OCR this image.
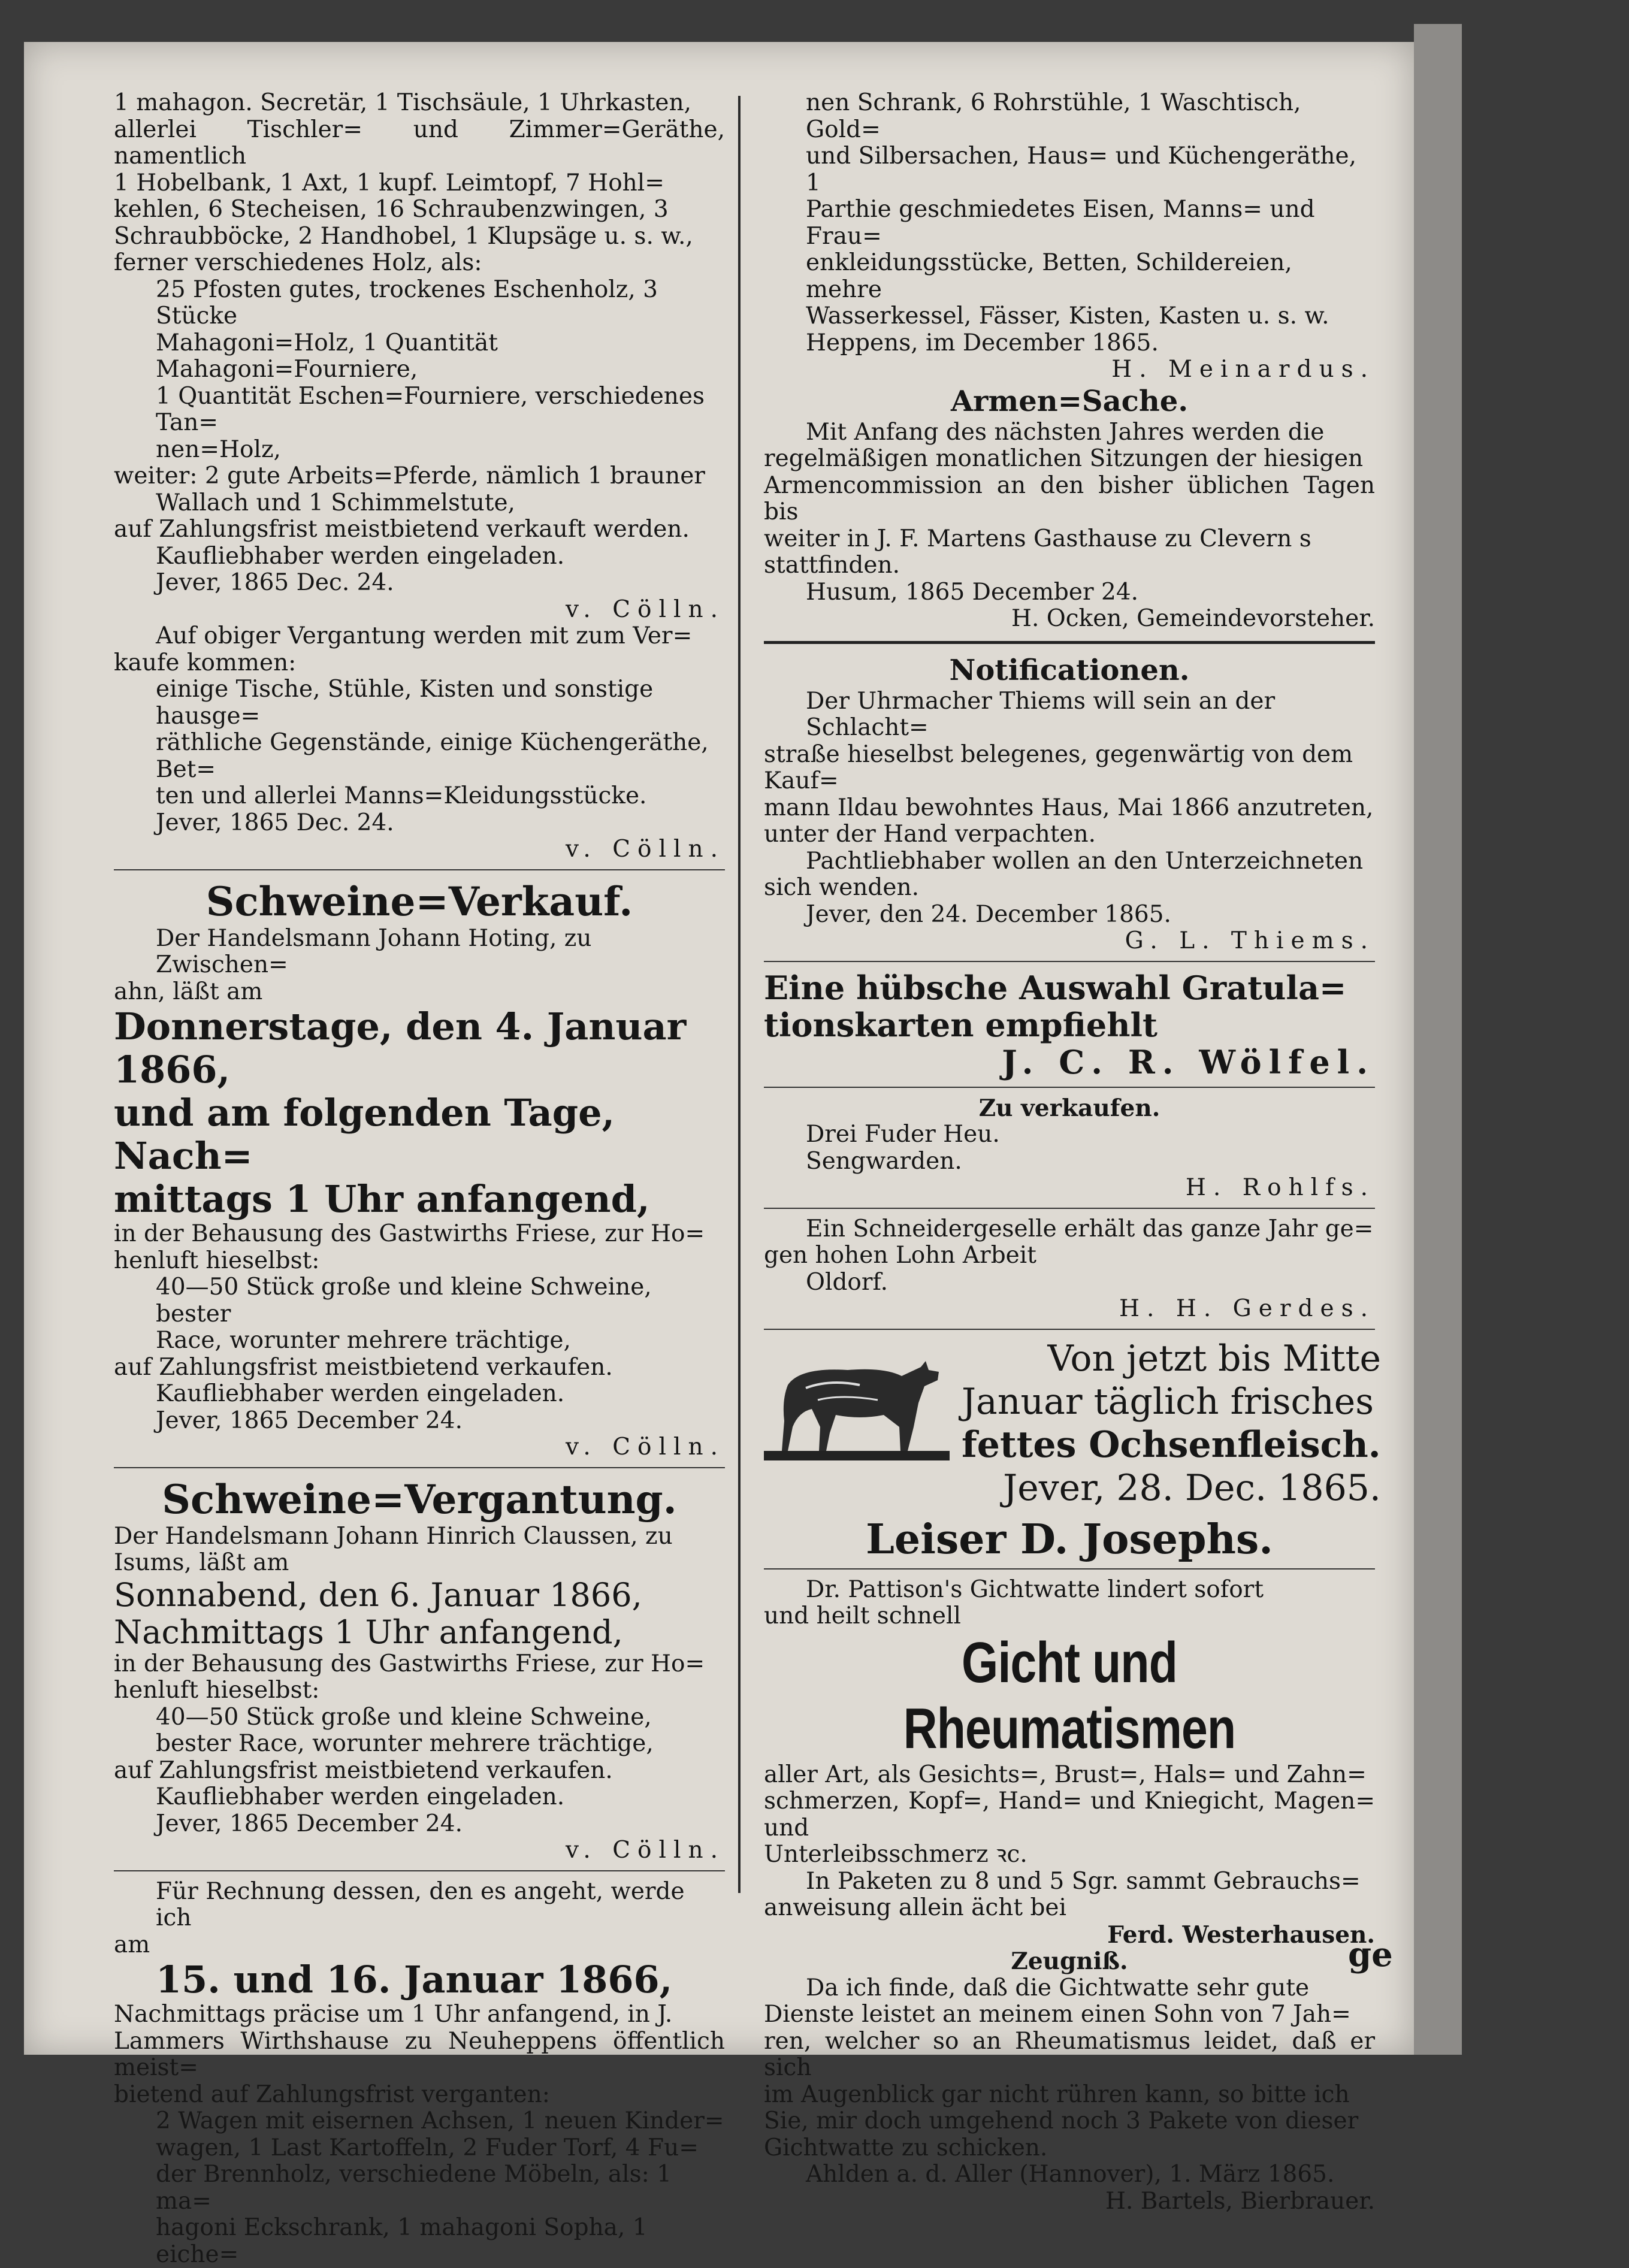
1 mahagon. Secretär, 1 Tischsäule, 1 Uhrkasten,
allerlei Tischler= und Zimmer=Geräthe, namentlich
1 Hobelbank, 1 Axt, 1 kupf. Leimtopf, 7 Hohl=
kehlen, 6 Stecheisen, 16 Schraubenzwingen, 3
Schraubböcke, 2 Handhobel, 1 Klupsäge u. s. w.,
ferner verschiedenes Holz, als:
25 Pfosten gutes, trockenes Eschenholz, 3 Stücke
Mahagoni=Holz, 1 Quantität Mahagoni=Fourniere,
1 Quantität Eschen=Fourniere, verschiedenes Tan=
nen=Holz,
weiter: 2 gute Arbeits=Pferde, nämlich 1 brauner
Wallach und 1 Schimmelstute,
auf Zahlungsfrist meistbietend verkauft werden.
Kaufliebhaber werden eingeladen.
Jever, 1865 Dec. 24.
v. Cölln.
Auf obiger Vergantung werden mit zum Ver=
kaufe kommen:
einige Tische, Stühle, Kisten und sonstige hausge=
räthliche Gegenstände, einige Küchengeräthe, Bet=
ten und allerlei Manns=Kleidungsstücke.
Jever, 1865 Dec. 24.
v. Cölln.
Schweine=Verkauf.
Der Handelsmann Johann Hoting, zu Zwischen=
ahn, läßt am
Donnerstage, den 4. Januar 1866,
und am folgenden Tage, Nach=
mittags 1 Uhr anfangend,
in der Behausung des Gastwirths Friese, zur Ho=
henluft hieselbst:
40—50 Stück große und kleine Schweine, bester
Race, worunter mehrere trächtige,
auf Zahlungsfrist meistbietend verkaufen.
Kaufliebhaber werden eingeladen.
Jever, 1865 December 24.
v. Cölln.
Schweine=Vergantung.
Der Handelsmann Johann Hinrich Claussen, zu
Isums, läßt am
Sonnabend, den 6. Januar 1866,
Nachmittags 1 Uhr anfangend,
in der Behausung des Gastwirths Friese, zur Ho=
henluft hieselbst:
40—50 Stück große und kleine Schweine,
bester Race, worunter mehrere trächtige,
auf Zahlungsfrist meistbietend verkaufen.
Kaufliebhaber werden eingeladen.
Jever, 1865 December 24.
v. Cölln.
Für Rechnung dessen, den es angeht, werde ich
am
15. und 16. Januar 1866,
Nachmittags präcise um 1 Uhr anfangend, in J.
Lammers Wirthshause zu Neuheppens öffentlich meist=
bietend auf Zahlungsfrist verganten:
2 Wagen mit eisernen Achsen, 1 neuen Kinder=
wagen, 1 Last Kartoffeln, 2 Fuder Torf, 4 Fu=
der Brennholz, verschiedene Möbeln, als: 1 ma=
hagoni Eckschrank, 1 mahagoni Sopha, 1 eiche=
nen Schrank, 6 Rohrstühle, 1 Waschtisch, Gold=
und Silbersachen, Haus= und Küchengeräthe, 1
Parthie geschmiedetes Eisen, Manns= und Frau=
enkleidungsstücke, Betten, Schildereien, mehre
Wasserkessel, Fässer, Kisten, Kasten u. s. w.
Heppens, im December 1865.
H. Meinardus.
Armen=Sache.
Mit Anfang des nächsten Jahres werden die
regelmäßigen monatlichen Sitzungen der hiesigen
Armencommission an den bisher üblichen Tagen bis
weiter in J. F. Martens Gasthause zu Clevern s
stattfinden.
Husum, 1865 December 24.
H. Ocken, Gemeindevorsteher.
Notificationen.
Der Uhrmacher Thiems will sein an der Schlacht=
straße hieselbst belegenes, gegenwärtig von dem Kauf=
mann Ildau bewohntes Haus, Mai 1866 anzutreten,
unter der Hand verpachten.
Pachtliebhaber wollen an den Unterzeichneten
sich wenden.
Jever, den 24. December 1865.
G. L. Thiems.
Eine hübsche Auswahl Gratula=
tionskarten empfiehlt
J. C. R. Wölfel.
Zu verkaufen.
Drei Fuder Heu.
Sengwarden.
H. Rohlfs.
Ein Schneidergeselle erhält das ganze Jahr ge=
gen hohen Lohn Arbeit
Oldorf.
H. H. Gerdes.
Von jetzt bis Mitte
Januar täglich frisches
fettes Ochsenfleisch.
Jever, 28. Dec. 1865.
Leiser D. Josephs.
Dr. Pattison's Gichtwatte lindert sofort
und heilt schnell
Gicht und Rheumatismen
aller Art, als Gesichts=, Brust=, Hals= und Zahn=
schmerzen, Kopf=, Hand= und Kniegicht, Magen= und
Unterleibsschmerz ꝛc.
In Paketen zu 8 und 5 Sgr. sammt Gebrauchs=
anweisung allein ächt bei
Ferd. Westerhausen.
Zeugniß.
Da ich finde, daß die Gichtwatte sehr gute
Dienste leistet an meinem einen Sohn von 7 Jah=
ren, welcher so an Rheumatismus leidet, daß er sich
im Augenblick gar nicht rühren kann, so bitte ich
Sie, mir doch umgehend noch 3 Pakete von dieser
Gichtwatte zu schicken.
Ahlden a. d. Aller (Hannover), 1. März 1865.
H. Bartels, Bierbrauer.
ge
